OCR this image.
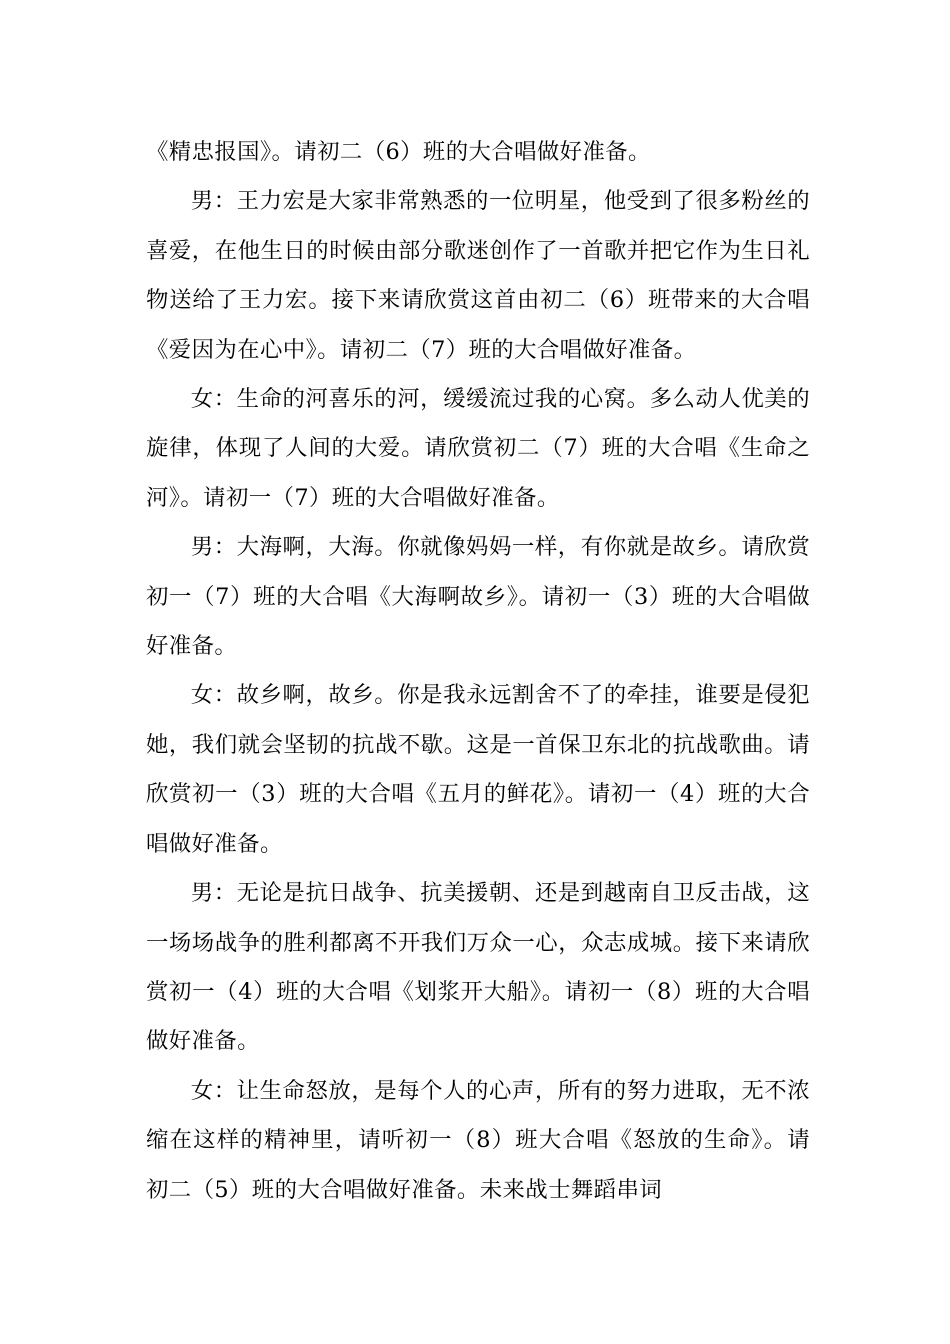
《精忠报国》。请初二（6）班的大合唱做好准备。

男：王力宏是大家非常熟悉的一位明星，他受到了很多粉丝的喜爱，在他生日的时候由部分歌迷创作了一首歌并把它作为生日礼物送给了王力宏。接下来请欣赏这首由初二（6）班带来的大合唱《爱因为在心中》。请初二（7）班的大合唱做好准备。

女：生命的河喜乐的河，缓缓流过我的心窝。多么动人优美的旋律，体现了人间的大爱。请欣赏初二（7）班的大合唱《生命之河》。请初一（7）班的大合唱做好准备。

男：大海啊，大海。你就像妈妈一样，有你就是故乡。请欣赏初一（7）班的大合唱《大海啊故乡》。请初一（3）班的大合唱做好准备。

女：故乡啊，故乡。你是我永远割舍不了的牵挂，谁要是侵犯她，我们就会坚韧的抗战不歇。这是一首保卫东北的抗战歌曲。请欣赏初一（3）班的大合唱《五月的鲜花》。请初一（4）班的大合唱做好准备。

男：无论是抗日战争、抗美援朝、还是到越南自卫反击战，这一场场战争的胜利都离不开我们万众一心，众志成城。接下来请欣赏初一（4）班的大合唱《划浆开大船》。请初一（8）班的大合唱做好准备。

女：让生命怒放，是每个人的心声，所有的努力进取，无不浓缩在这样的精神里，请听初一（8）班大合唱《怒放的生命》。请初二（5）班的大合唱做好准备。未来战士舞蹈串词
